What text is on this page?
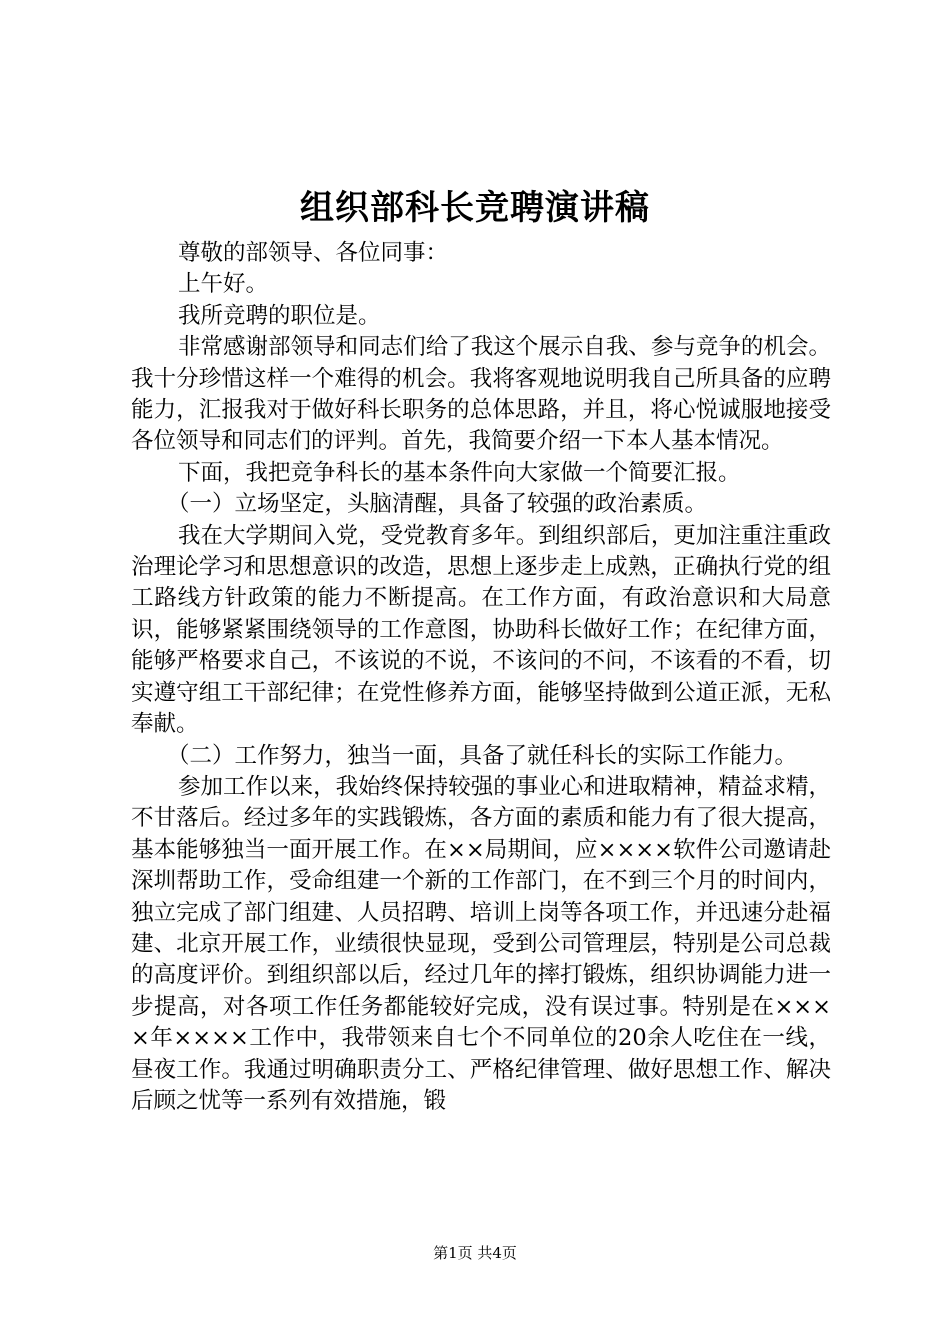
组织部科长竞聘演讲稿

尊敬的部领导、各位同事：

上午好。

我所竞聘的职位是。

非常感谢部领导和同志们给了我这个展示自我、参与竞争的机会。我十分珍惜这样一个难得的机会。我将客观地说明我自己所具备的应聘能力，汇报我对于做好科长职务的总体思路，并且，将心悦诚服地接受各位领导和同志们的评判。首先，我简要介绍一下本人基本情况。

下面，我把竞争科长的基本条件向大家做一个简要汇报。

（一）立场坚定，头脑清醒，具备了较强的政治素质。

我在大学期间入党，受党教育多年。到组织部后，更加注重注重政治理论学习和思想意识的改造，思想上逐步走上成熟，正确执行党的组工路线方针政策的能力不断提高。在工作方面，有政治意识和大局意识，能够紧紧围绕领导的工作意图，协助科长做好工作；在纪律方面，能够严格要求自己，不该说的不说，不该问的不问，不该看的不看，切实遵守组工干部纪律；在党性修养方面，能够坚持做到公道正派，无私奉献。

（二）工作努力，独当一面，具备了就任科长的实际工作能力。

参加工作以来，我始终保持较强的事业心和进取精神，精益求精，不甘落后。经过多年的实践锻炼，各方面的素质和能力有了很大提高，基本能够独当一面开展工作。在××局期间，应××××软件公司邀请赴深圳帮助工作，受命组建一个新的工作部门，在不到三个月的时间内，独立完成了部门组建、人员招聘、培训上岗等各项工作，并迅速分赴福建、北京开展工作，业绩很快显现，受到公司管理层，特别是公司总裁的高度评价。到组织部以后，经过几年的摔打锻炼，组织协调能力进一步提高，对各项工作任务都能较好完成，没有误过事。特别是在××××年××××工作中，我带领来自七个不同单位的20余人吃住在一线，昼夜工作。我通过明确职责分工、严格纪律管理、做好思想工作、解决后顾之忧等一系列有效措施，锻

第1页 共4页
